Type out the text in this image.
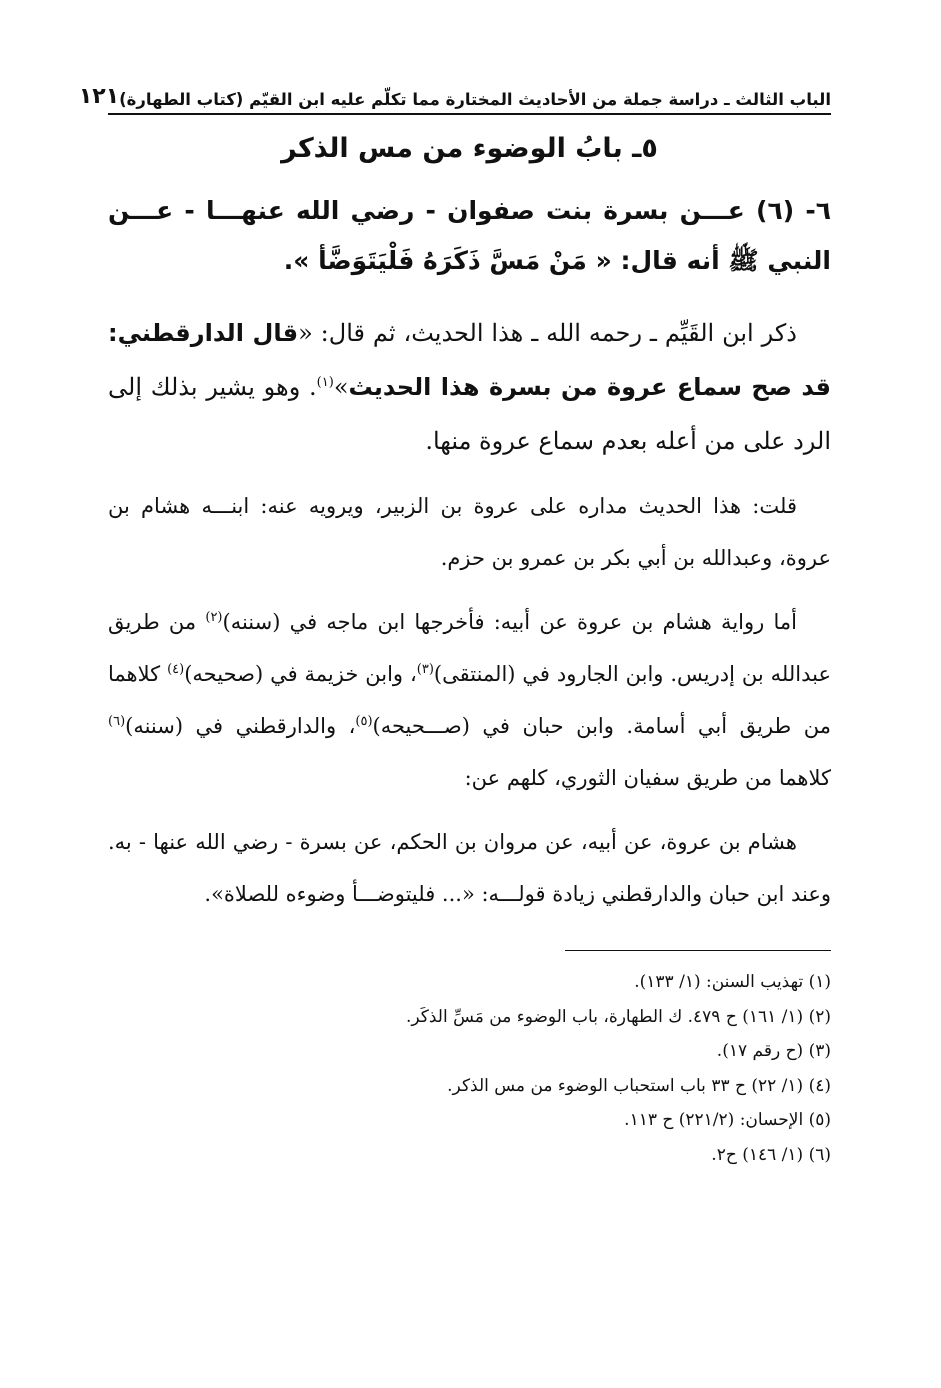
الباب الثالث ـ دراسة جملة من الأحاديث المختارة مما تكلّم عليه ابن القيّم (كتاب الطهارة)
١٢١
٥ـ بابُ الوضوء من مس الذكر

٦- (٦) عـــن بسرة بنت صفوان - رضي الله عنهـــا - عـــن النبي ﷺ أنه قال: « مَنْ مَسَّ ذَكَرَهُ فَلْيَتَوَضَّأ ».

ذكر ابن القَيِّم ـ رحمه الله ـ هذا الحديث، ثم قال: «قال الدارقطني: قد صح سماع عروة من بسرة هذا الحديث»$^{(١)}$. وهو يشير بذلك إلى الرد على من أعله بعدم سماع عروة منها.

قلت: هذا الحديث مداره على عروة بن الزبير، ويرويه عنه: ابنـــه هشام بن عروة، وعبدالله بن أبي بكر بن عمرو بن حزم.

أما رواية هشام بن عروة عن أبيه: فأخرجها ابن ماجه في (سننه)$^{(٢)}$ من طريق عبدالله بن إدريس. وابن الجارود في (المنتقى)$^{(٣)}$، وابن خزيمة في (صحيحه)$^{(٤)}$ كلاهما من طريق أبي أسامة. وابن حبان في (صـــحيحه)$^{(٥)}$، والدارقطني في (سننه)$^{(٦)}$ كلاهما من طريق سفيان الثوري، كلهم عن:

هشام بن عروة، عن أبيه، عن مروان بن الحكم، عن بسرة - رضي الله عنها - به. وعند ابن حبان والدارقطني زيادة قولـــه: «... فليتوضـــأ وضوءه للصلاة».

(١) تهذيب السنن: (١/ ١٣٣).
(٢) (١/ ١٦١) ح ٤٧٩. ك الطهارة، باب الوضوء من مَسِّ الذكَر.
(٣) (ح رقم ١٧).
(٤) (١/ ٢٢) ح ٣٣ باب استحباب الوضوء من مس الذكر.
(٥) الإحسان: (٢٢١/٢) ح ١١٣.
(٦) (١/ ١٤٦) ح٢.
